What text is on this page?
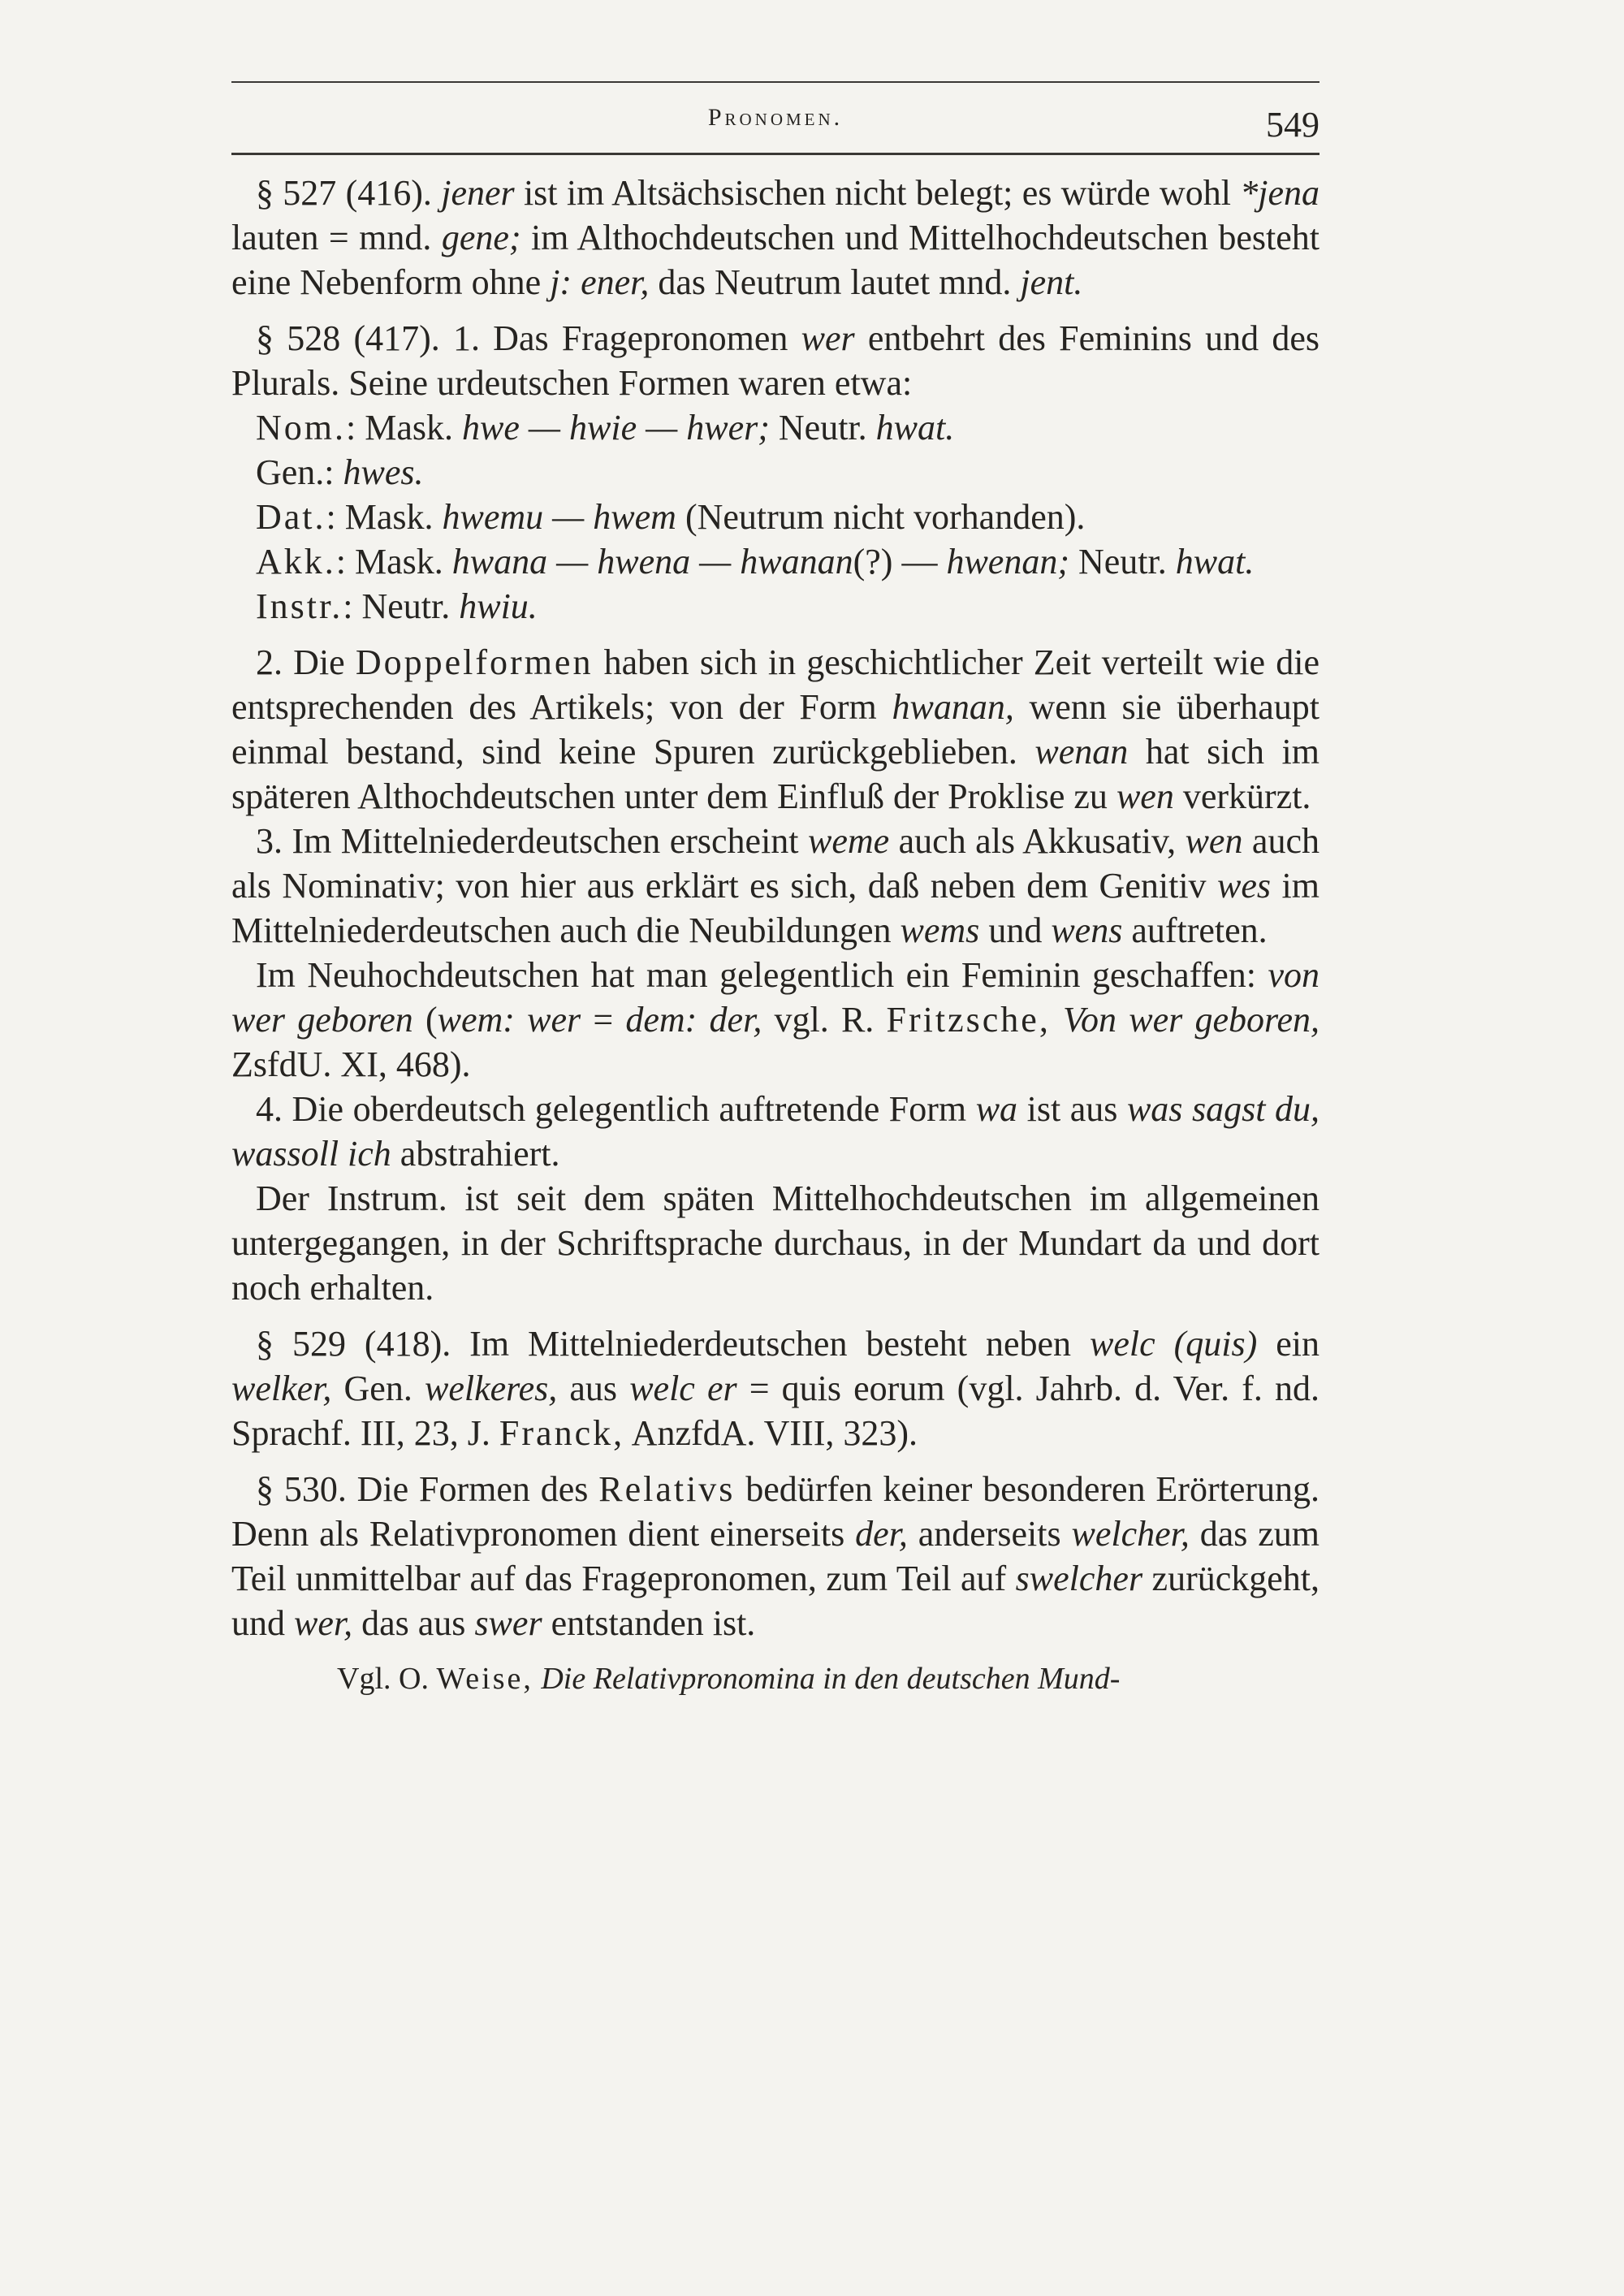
Pronomen.	549

§ 527 (416). jener ist im Altsächsischen nicht belegt; es würde wohl *jena lauten = mnd. gene; im Althochdeutschen und Mittelhochdeutschen besteht eine Nebenform ohne j: ener, das Neutrum lautet mnd. jent.

§ 528 (417). 1. Das Fragepronomen wer entbehrt des Feminins und des Plurals. Seine urdeutschen Formen waren etwa:

Nom.: Mask. hwe — hwie — hwer; Neutr. hwat.

Gen.: hwes.

Dat.: Mask. hwemu — hwem (Neutrum nicht vorhanden).

Akk.: Mask. hwana — hwena — hwanan(?) — hwenan; Neutr. hwat.

Instr.: Neutr. hwiu.

2. Die Doppelformen haben sich in geschichtlicher Zeit verteilt wie die entsprechenden des Artikels; von der Form hwanan, wenn sie überhaupt einmal bestand, sind keine Spuren zurückgeblieben. wenan hat sich im späteren Althochdeutschen unter dem Einfluß der Proklise zu wen verkürzt.

3. Im Mittelniederdeutschen erscheint weme auch als Akkusativ, wen auch als Nominativ; von hier aus erklärt es sich, daß neben dem Genitiv wes im Mittelniederdeutschen auch die Neubildungen wems und wens auftreten.

Im Neuhochdeutschen hat man gelegentlich ein Feminin geschaffen: von wer geboren (wem: wer = dem: der, vgl. R. Fritzsche, Von wer geboren, ZsfdU. XI, 468).

4. Die oberdeutsch gelegentlich auftretende Form wa ist aus was sagst du, wassoll ich abstrahiert.

Der Instrum. ist seit dem späten Mittelhochdeutschen im allgemeinen untergegangen, in der Schriftsprache durchaus, in der Mundart da und dort noch erhalten.

§ 529 (418). Im Mittelniederdeutschen besteht neben welc (quis) ein welker, Gen. welkeres, aus welc er = quis eorum (vgl. Jahrb. d. Ver. f. nd. Sprachf. III, 23, J. Franck, AnzfdA. VIII, 323).

§ 530. Die Formen des Relativs bedürfen keiner besonderen Erörterung. Denn als Relativpronomen dient einerseits der, anderseits welcher, das zum Teil unmittelbar auf das Fragepronomen, zum Teil auf swelcher zurückgeht, und wer, das aus swer entstanden ist.

Vgl. O. Weise, Die Relativpronomina in den deutschen Mund-
